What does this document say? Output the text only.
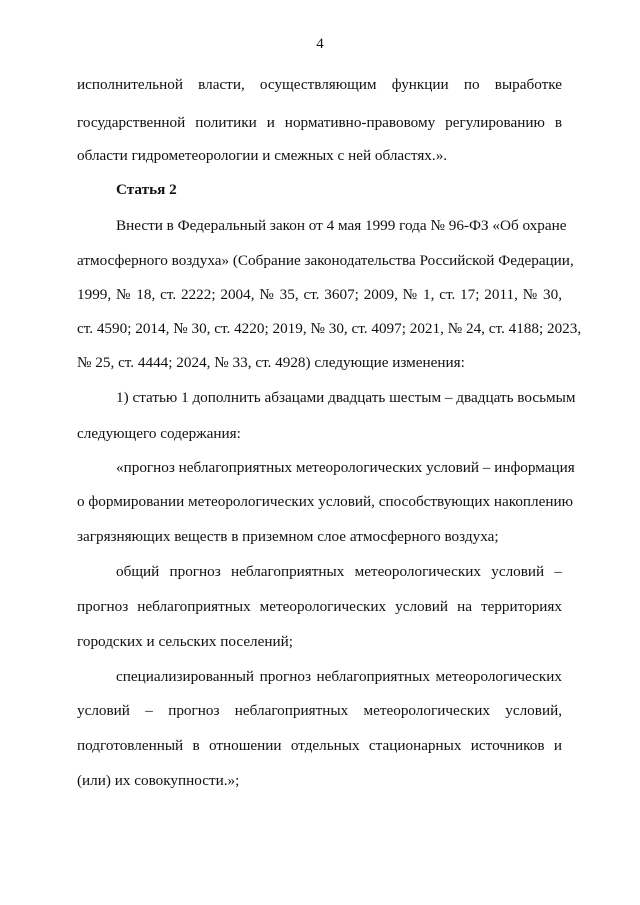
4
исполнительной власти, осуществляющим функции по выработке
государственной политики и нормативно-правовому регулированию в
области гидрометеорологии и смежных с ней областях.».
Статья 2
Внести в Федеральный закон от 4 мая 1999 года № 96-ФЗ «Об охране
атмосферного воздуха» (Собрание законодательства Российской Федерации,
1999, № 18, ст. 2222; 2004, № 35, ст. 3607; 2009, № 1, ст. 17; 2011, № 30,
ст. 4590; 2014, № 30, ст. 4220; 2019, № 30, ст. 4097; 2021, № 24, ст. 4188; 2023,
№ 25, ст. 4444; 2024, № 33, ст. 4928) следующие изменения:
1) статью 1 дополнить абзацами двадцать шестым – двадцать восьмым
следующего содержания:
«прогноз неблагоприятных метеорологических условий – информация
о формировании метеорологических условий, способствующих накоплению
загрязняющих веществ в приземном слое атмосферного воздуха;
общий прогноз неблагоприятных метеорологических условий –
прогноз неблагоприятных метеорологических условий на территориях
городских и сельских поселений;
специализированный прогноз неблагоприятных метеорологических
условий – прогноз неблагоприятных метеорологических условий,
подготовленный в отношении отдельных стационарных источников и
(или) их совокупности.»;
